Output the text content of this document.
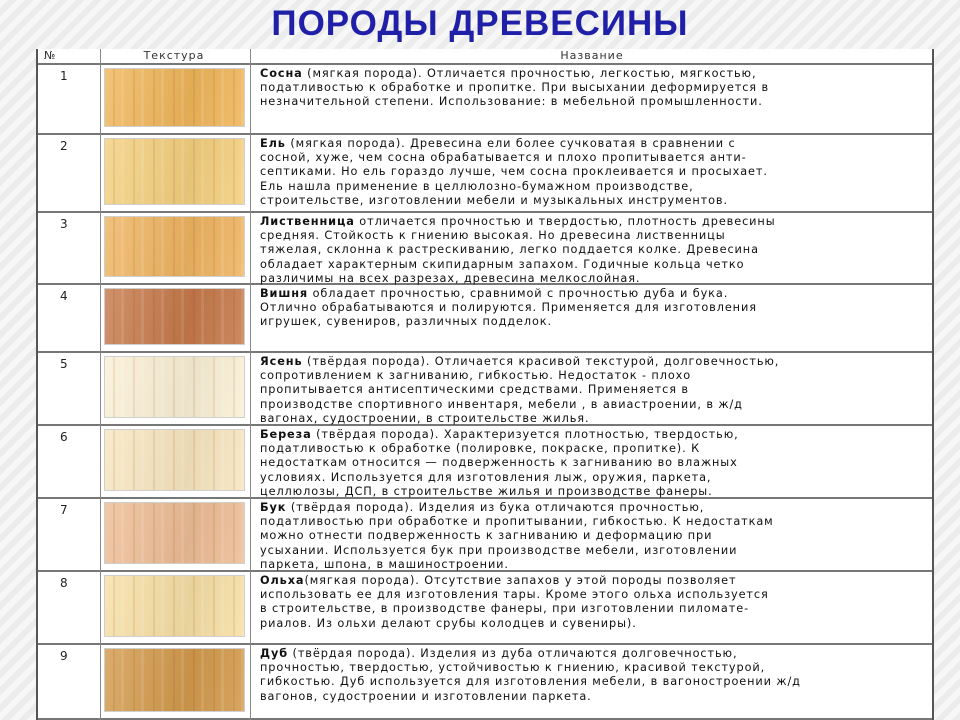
ПОРОДЫ ДРЕВЕСИНЫ
№	Текстура	Название
1	Сосна (мягкая порода). Отличается прочностью, легкостью, мягкостью,
податливостью к обработке и пропитке. При высыхании деформируется в
незначительной степени. Использование: в мебельной промышленности.
2	Ель (мягкая порода). Древесина ели более сучковатая в сравнении с
сосной, хуже, чем сосна обрабатывается и плохо пропитывается анти-
септиками. Но ель гораздо лучше, чем сосна проклеивается и просыхает.
Ель нашла применение в целлюлозно-бумажном производстве,
строительстве, изготовлении мебели и музыкальных инструментов.
3	Лиственница отличается прочностью и твердостью, плотность древесины
средняя. Стойкость к гниению высокая. Но древесина лиственницы
тяжелая, склонна к растрескиванию, легко поддается колке. Древесина
обладает характерным скипидарным запахом. Годичные кольца четко
различимы на всех разрезах, древесина мелкослойная.
4	Вишня обладает прочностью, сравнимой с прочностью дуба и бука.
Отлично обрабатываются и полируются. Применяется для изготовления
игрушек, сувениров, различных подделок.
5	Ясень (твёрдая порода). Отличается красивой текстурой, долговечностью,
сопротивлением к загниванию, гибкостью. Недостаток - плохо
пропитывается антисептическими средствами. Применяется в
производстве спортивного инвентаря, мебели , в авиастроении, в ж/д
вагонах, судостроении, в строительстве жилья.
6	Береза (твёрдая порода). Характеризуется плотностью, твердостью,
податливостью к обработке (полировке, покраске, пропитке). К
недостаткам относится — подверженность к загниванию во влажных
условиях. Используется для изготовления лыж, оружия, паркета,
целлюлозы, ДСП, в строительстве жилья и производстве фанеры.
7	Бук (твёрдая порода). Изделия из бука отличаются прочностью,
податливостью при обработке и пропитывании, гибкостью. К недостаткам
можно отнести подверженность к загниванию и деформацию при
усыхании. Используется бук при производстве мебели, изготовлении
паркета, шпона, в машиностроении.
8	Ольха(мягкая порода). Отсутствие запахов у этой породы позволяет
использовать ее для изготовления тары. Кроме этого ольха используется
в строительстве, в производстве фанеры, при изготовлении пиломате-
риалов. Из ольхи делают срубы колодцев и сувениры).
9	Дуб (твёрдая порода). Изделия из дуба отличаются долговечностью,
прочностью, твердостью, устойчивостью к гниению, красивой текстурой,
гибкостью. Дуб используется для изготовления мебели, в вагоностроении ж/д
вагонов, судостроении и изготовлении паркета.
